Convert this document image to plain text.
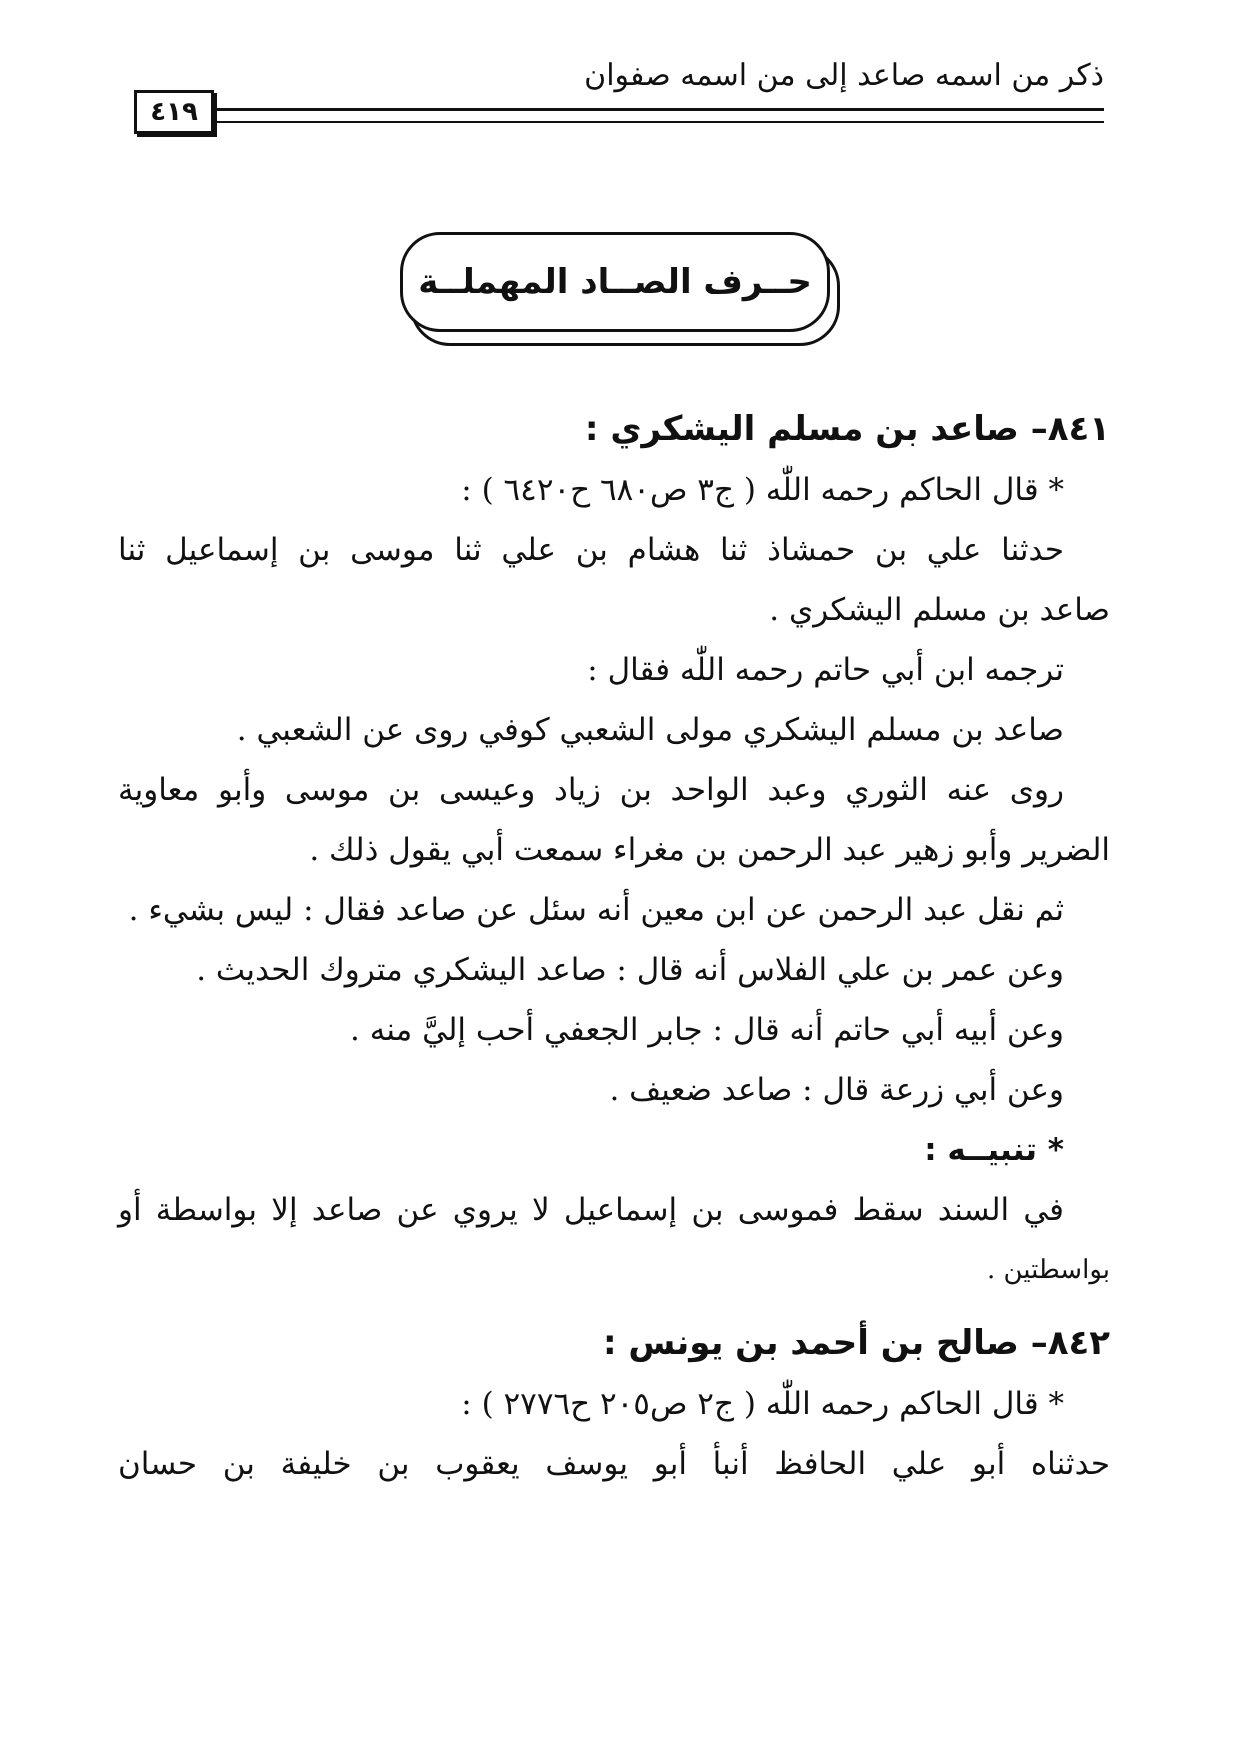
ذكر من اسمه صاعد إلى من اسمه صفوان
٤١٩
حــرف الصــاد المهملــة
٨٤١– صاعد بن مسلم اليشكري :
* قال الحاكم رحمه اللّٰه ( ج٣ ص٦٨٠ ح٦٤٢٠ ) :
حدثنا علي بن حمشاذ ثنا هشام بن علي ثنا موسى بن إسماعيل ثنا
صاعد بن مسلم اليشكري .
ترجمه ابن أبي حاتم رحمه اللّٰه فقال :
صاعد بن مسلم اليشكري مولى الشعبي كوفي روى عن الشعبي .
روى عنه الثوري وعبد الواحد بن زياد وعيسى بن موسى وأبو معاوية
الضرير وأبو زهير عبد الرحمن بن مغراء سمعت أبي يقول ذلك .
ثم نقل عبد الرحمن عن ابن معين أنه سئل عن صاعد فقال : ليس بشيء .
وعن عمر بن علي الفلاس أنه قال : صاعد اليشكري متروك الحديث .
وعن أبيه أبي حاتم أنه قال : جابر الجعفي أحب إليَّ منه .
وعن أبي زرعة قال : صاعد ضعيف .
* تنبيــه :
في السند سقط فموسى بن إسماعيل لا يروي عن صاعد إلا بواسطة أو
بواسطتين .
٨٤٢– صالح بن أحمد بن يونس :
* قال الحاكم رحمه اللّٰه ( ج٢ ص٢٠٥ ح٢٧٧٦ ) :
حدثناه أبو علي الحافظ أنبأ أبو يوسف يعقوب بن خليفة بن حسان
